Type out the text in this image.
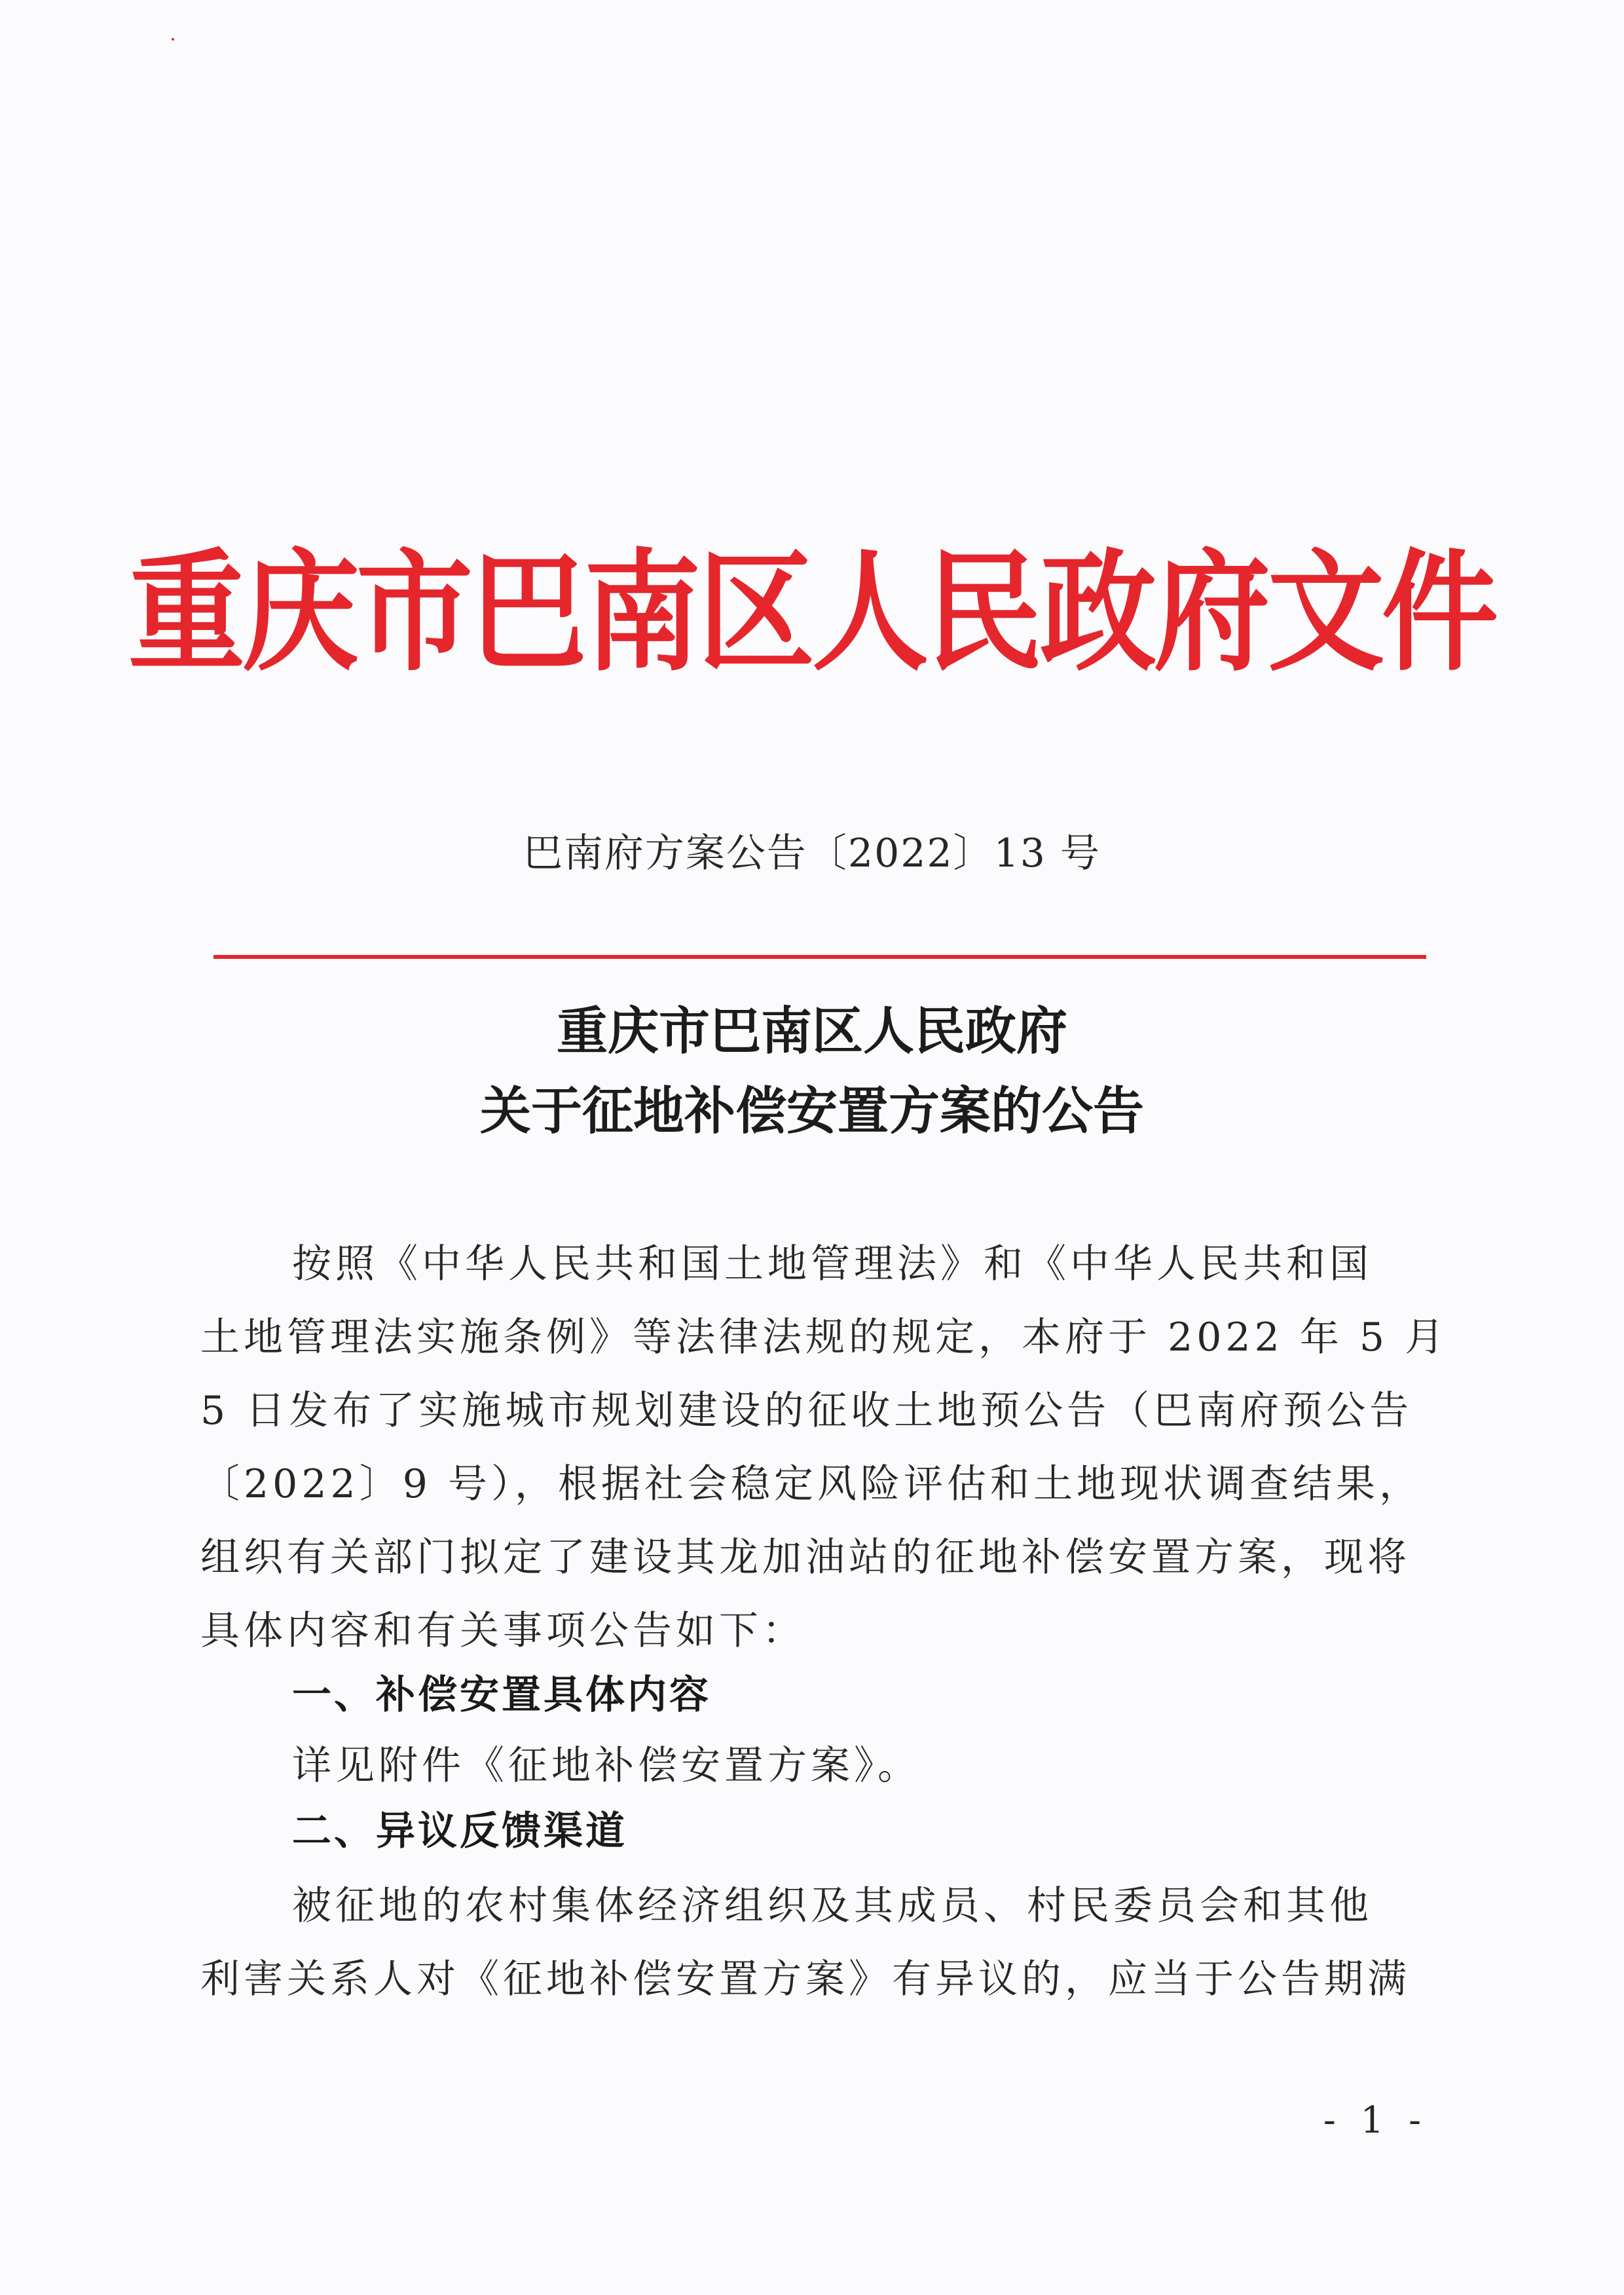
重庆市巴南区人民政府文件
巴南府方案公告〔2022〕13 号
重庆市巴南区人民政府
关于征地补偿安置方案的公告
按照《中华人民共和国土地管理法》和《中华人民共和国
土地管理法实施条例》等法律法规的规定，本府于 2022 年 5 月
5 日发布了实施城市规划建设的征收土地预公告（巴南府预公告
〔2022〕9 号），根据社会稳定风险评估和土地现状调查结果，
组织有关部门拟定了建设其龙加油站的征地补偿安置方案，现将
具体内容和有关事项公告如下：
一、补偿安置具体内容
详见附件《征地补偿安置方案》。
二、异议反馈渠道
被征地的农村集体经济组织及其成员、村民委员会和其他
利害关系人对《征地补偿安置方案》有异议的，应当于公告期满
- 1 -
